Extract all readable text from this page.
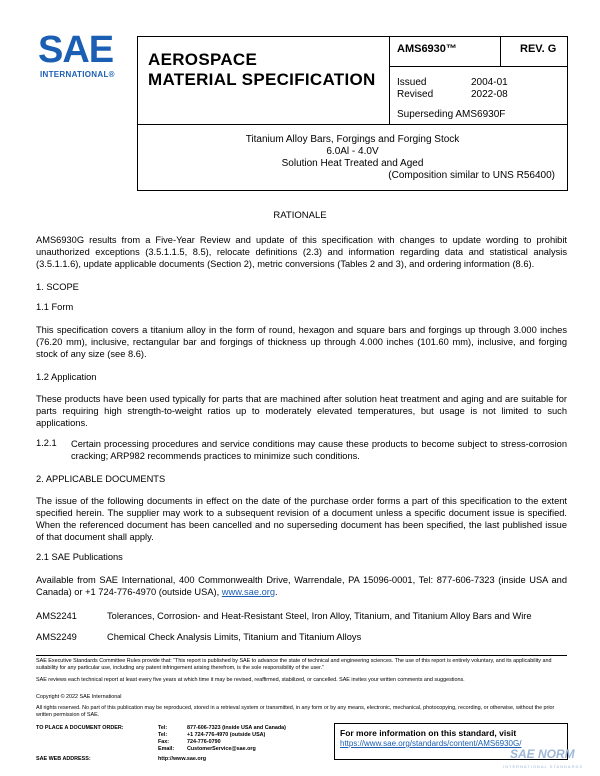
SAE
INTERNATIONAL®
AEROSPACE
MATERIAL SPECIFICATION
AMS6930™	REV. G
Issued	2004-01
Revised	2022-08
Superseding AMS6930F
Titanium Alloy Bars, Forgings and Forging Stock
6.0Al - 4.0V
Solution Heat Treated and Aged
(Composition similar to UNS R56400)
RATIONALE
AMS6930G results from a Five-Year Review and update of this specification with changes to update wording to prohibit unauthorized exceptions (3.5.1.1.5, 8.5), relocate definitions (2.3) and information regarding data and statistical analysis (3.5.1.1.6), update applicable documents (Section 2), metric conversions (Tables 2 and 3), and ordering information (8.6).
1. SCOPE
1.1 Form
This specification covers a titanium alloy in the form of round, hexagon and square bars and forgings up through 3.000 inches (76.20 mm), inclusive, rectangular bar and forgings of thickness up through 4.000 inches (101.60 mm), inclusive, and forging stock of any size (see 8.6).
1.2 Application
These products have been used typically for parts that are machined after solution heat treatment and aging and are suitable for parts requiring high strength-to-weight ratios up to moderately elevated temperatures, but usage is not limited to such applications.
1.2.1 Certain processing procedures and service conditions may cause these products to become subject to stress-corrosion cracking; ARP982 recommends practices to minimize such conditions.
2. APPLICABLE DOCUMENTS
The issue of the following documents in effect on the date of the purchase order forms a part of this specification to the extent specified herein. The supplier may work to a subsequent revision of a document unless a specific document issue is specified. When the referenced document has been cancelled and no superseding document has been specified, the last published issue of that document shall apply.
2.1 SAE Publications
Available from SAE International, 400 Commonwealth Drive, Warrendale, PA 15096-0001, Tel: 877-606-7323 (inside USA and Canada) or +1 724-776-4970 (outside USA), www.sae.org.
AMS2241	Tolerances, Corrosion- and Heat-Resistant Steel, Iron Alloy, Titanium, and Titanium Alloy Bars and Wire
AMS2249	Chemical Check Analysis Limits, Titanium and Titanium Alloys
SAE Executive Standards Committee Rules provide that: “This report is published by SAE to advance the state of technical and engineering sciences. The use of this report is entirely voluntary, and its applicability and suitability for any particular use, including any patent infringement arising therefrom, is the sole responsibility of the user.”
SAE reviews each technical report at least every five years at which time it may be revised, reaffirmed, stabilized, or cancelled. SAE invites your written comments and suggestions.
Copyright © 2022 SAE International
All rights reserved. No part of this publication may be reproduced, stored in a retrieval system or transmitted, in any form or by any means, electronic, mechanical, photocopying, recording, or otherwise, without the prior written permission of SAE.
TO PLACE A DOCUMENT ORDER:	Tel:	877-606-7323 (inside USA and Canada)
Tel:	+1 724-776-4970 (outside USA)
Fax:	724-776-0790
Email:	CustomerService@sae.org
SAE WEB ADDRESS:	http://www.sae.org
For more information on this standard, visit
https://www.sae.org/standards/content/AMS6930G/
SAE NORM
INTERNATIONAL STANDARDS
